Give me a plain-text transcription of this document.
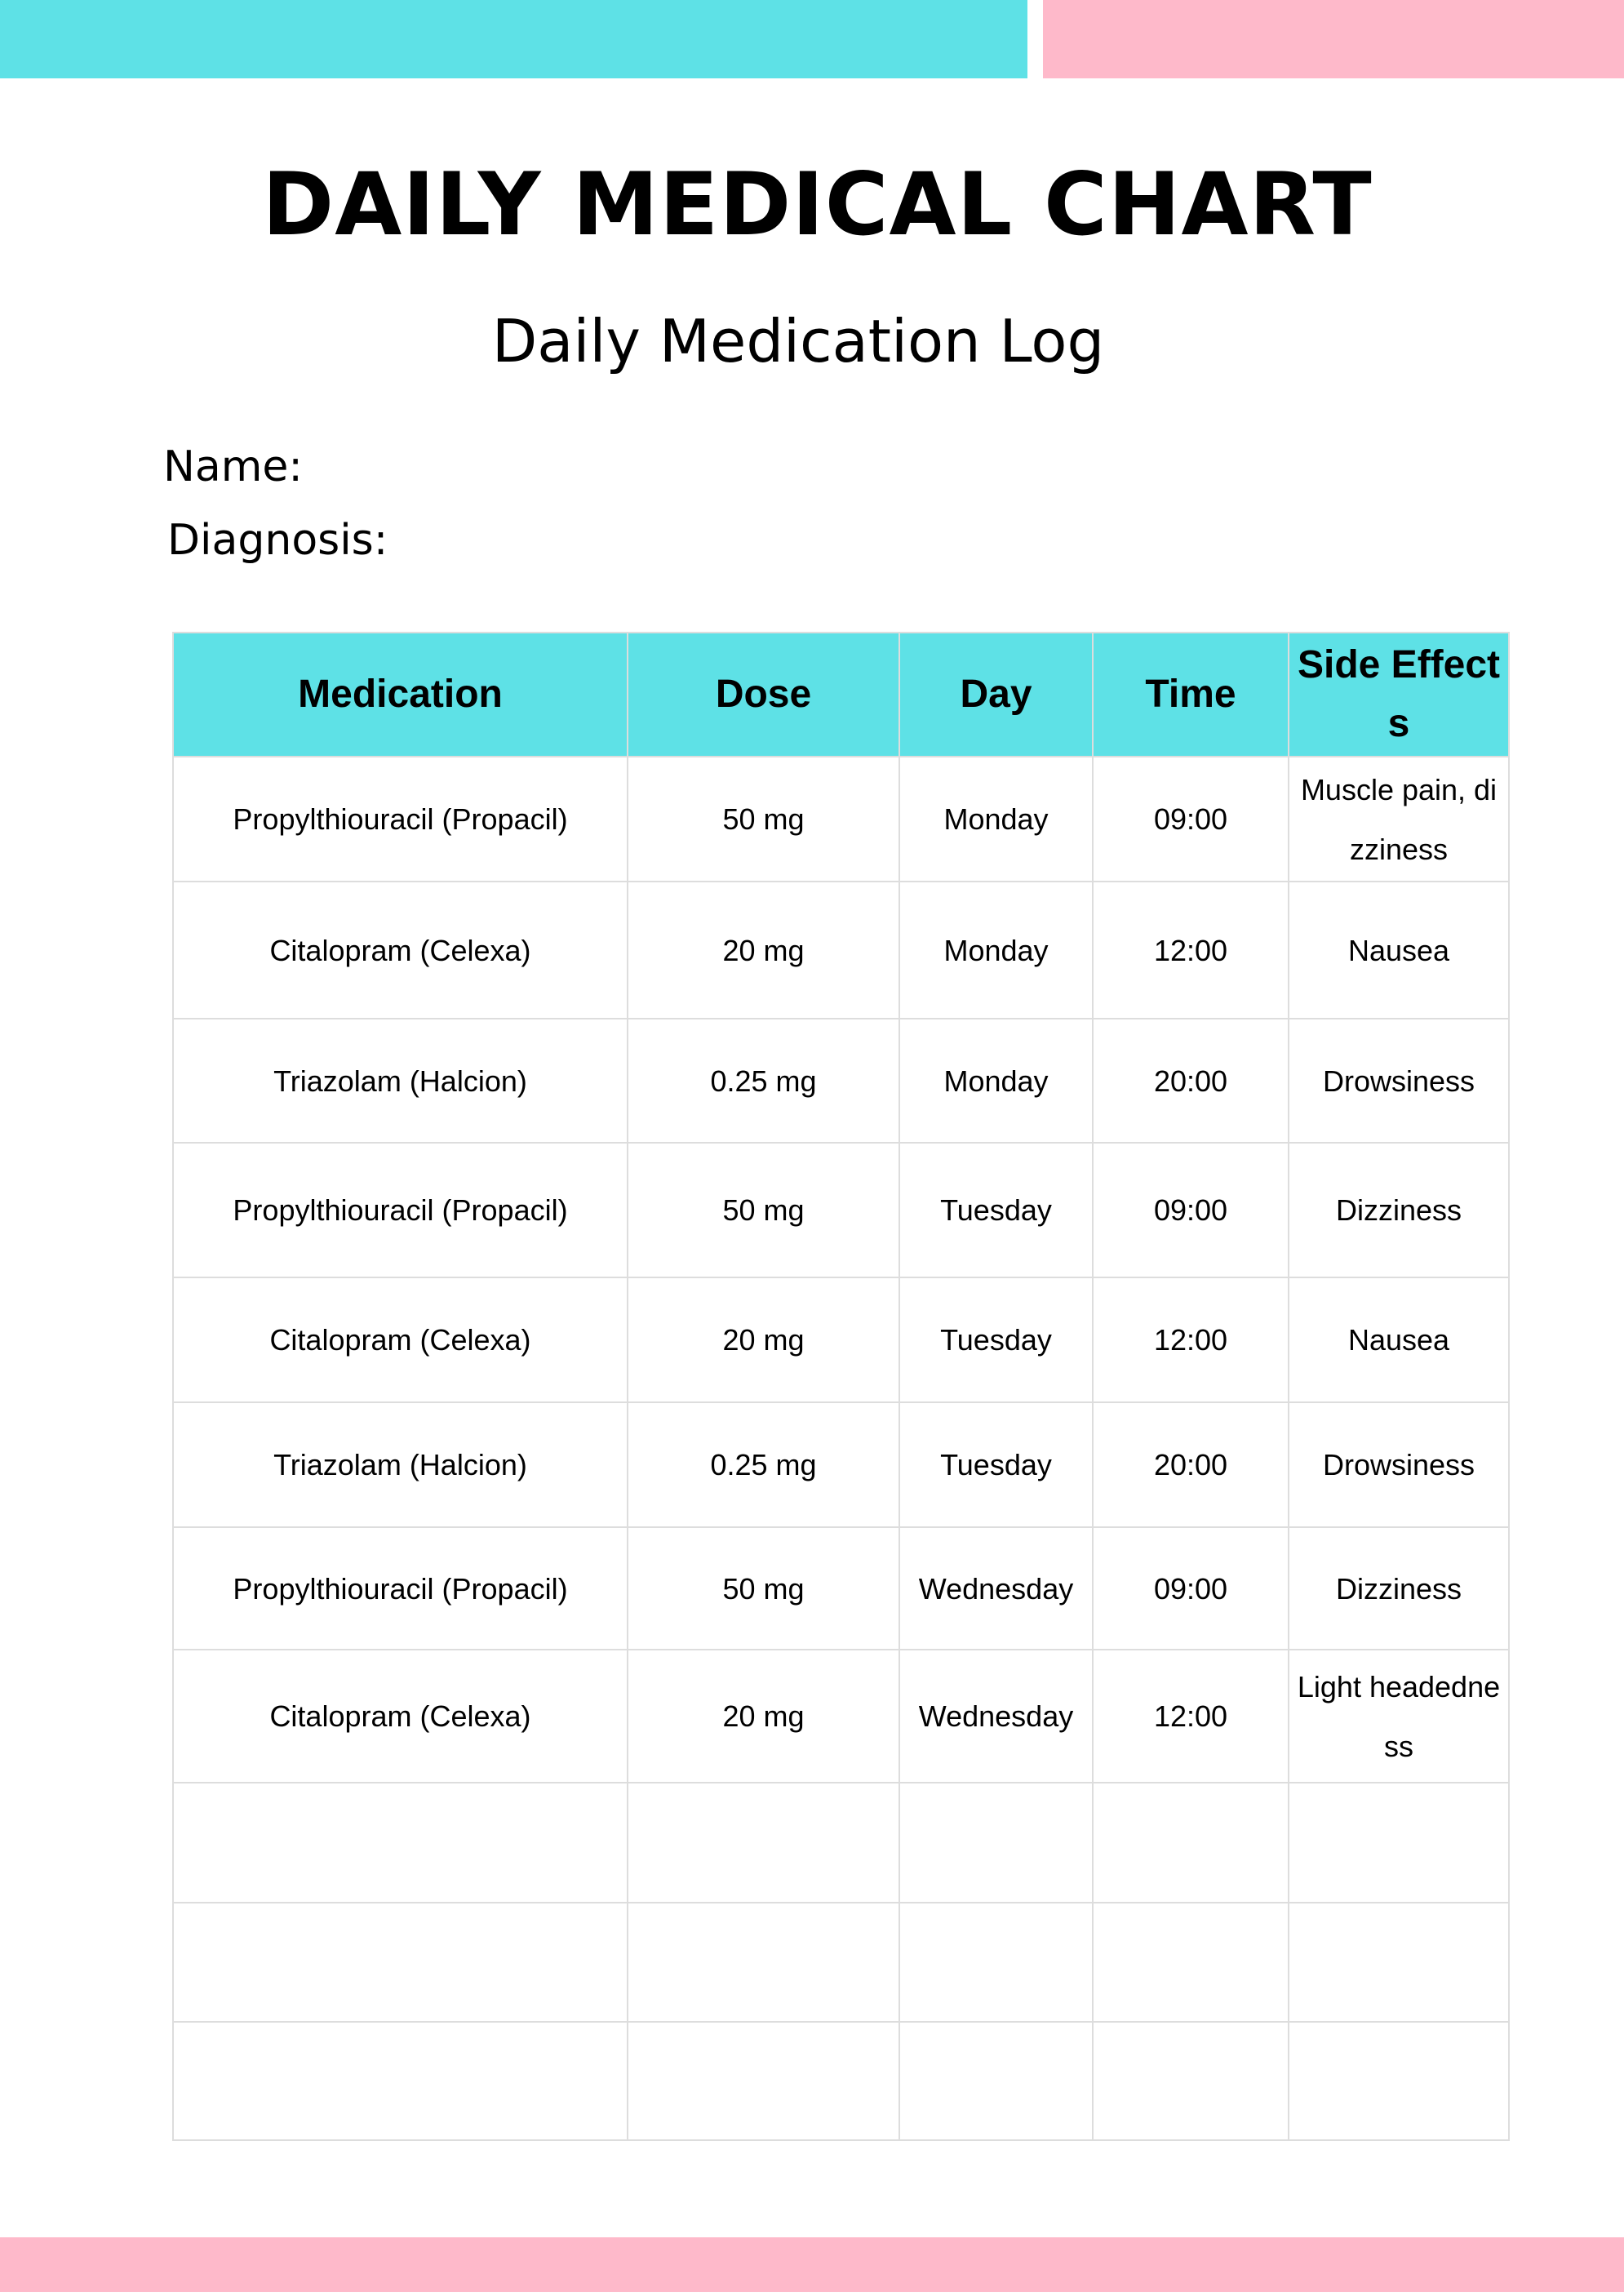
DAILY MEDICAL CHART
Daily Medication Log
Name:
Diagnosis:
Medication	Dose	Day	Time	Side Effects
Propylthiouracil (Propacil)	50 mg	Monday	09:00	Muscle pain, dizziness
Citalopram (Celexa)	20 mg	Monday	12:00	Nausea
Triazolam (Halcion)	0.25 mg	Monday	20:00	Drowsiness
Propylthiouracil (Propacil)	50 mg	Tuesday	09:00	Dizziness
Citalopram (Celexa)	20 mg	Tuesday	12:00	Nausea
Triazolam (Halcion)	0.25 mg	Tuesday	20:00	Drowsiness
Propylthiouracil (Propacil)	50 mg	Wednesday	09:00	Dizziness
Citalopram (Celexa)	20 mg	Wednesday	12:00	Light headedness
